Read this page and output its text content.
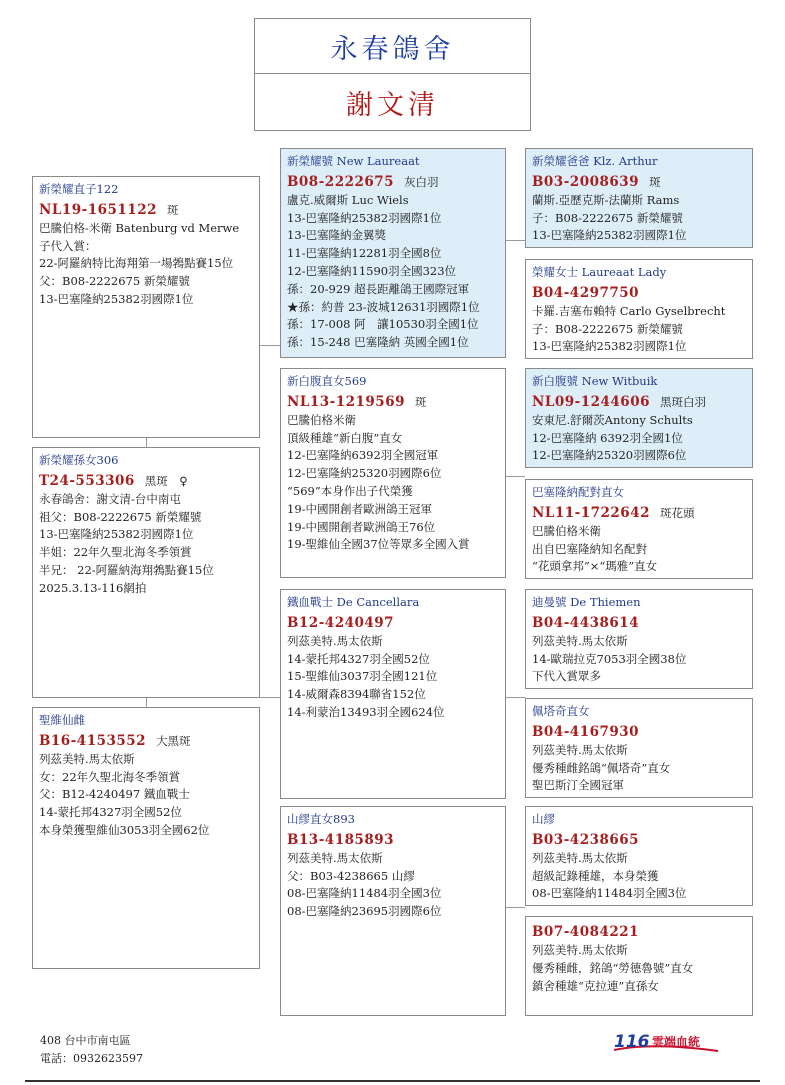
永春鴿舍
謝文清
新榮耀直子122
NL19-1651122 斑
巴騰伯格-米衛 Batenburg vd Merwe
子代入賞：
22-阿羅納特比海翔第一場鵓點賽15位
父：B08-2222675 新榮耀號
13-巴塞隆納25382羽國際1位
新榮耀孫女306
T24-553306 黑斑　♀
永春鴿舍：謝文清-台中南屯
祖父：B08-2222675 新榮耀號
13-巴塞隆納25382羽國際1位
半姐：22年久聖北海冬季領賞
半兄： 22-阿羅納海翔鵓點賽15位
2025.3.13-116網拍
聖維仙雌
B16-4153552 大黑斑
列茲美特.馬太依斯
女：22年久聖北海冬季領賞
父：B12-4240497 鐵血戰士
14-蒙托邦4327羽全國52位
本身榮獲聖維仙3053羽全國62位
新榮耀號 New Laureaat
B08-2222675 灰白羽
盧克.威爾斯 Luc Wiels
13-巴塞隆納25382羽國際1位
13-巴塞隆納金翼獎
11-巴塞隆納12281羽全國8位
12-巴塞隆納11590羽全國323位
孫：20-929 超長距離鴿王國際冠軍
★孫：約普 23-波城12631羽國際1位
孫：17-008 阿　讓10530羽全國1位
孫：15-248 巴塞隆納 英國全國1位
新白腹直女569
NL13-1219569 斑
巴騰伯格米衛
頂級種雄“新白腹”直女
12-巴塞隆納6392羽全國冠軍
12-巴塞隆納25320羽國際6位
“569”本身作出子代榮獲
19-中國開創者歐洲鴿王冠軍
19-中國開創者歐洲鴿王76位
19-聖維仙全國37位等眾多全國入賞
鐵血戰士 De Cancellara
B12-4240497
列茲美特.馬太依斯
14-蒙托邦4327羽全國52位
15-聖維仙3037羽全國121位
14-威爾森8394聯省152位
14-利蒙治13493羽全國624位
山繆直女893
B13-4185893
列茲美特.馬太依斯
父：B03-4238665 山繆
08-巴塞隆納11484羽全國3位
08-巴塞隆納23695羽國際6位
新榮耀爸爸 Klz. Arthur
B03-2008639 斑
蘭斯.亞歷克斯-法蘭斯 Rams
子：B08-2222675 新榮耀號
13-巴塞隆納25382羽國際1位
榮耀女士 Laureaat Lady
B04-4297750
卡羅.吉塞布賴特 Carlo Gyselbrecht
子：B08-2222675 新榮耀號
13-巴塞隆納25382羽國際1位
新白腹號 New Witbuik
NL09-1244606 黑斑白羽
安東尼.舒爾茨Antony Schults
12-巴塞隆納 6392羽全國1位
12-巴塞隆納25320羽國際6位
巴塞隆納配對直女
NL11-1722642 斑花頭
巴騰伯格米衛
出自巴塞隆納知名配對
“花頭拿邦”×“瑪雅”直女
迪曼號 De Thiemen
B04-4438614
列茲美特.馬太依斯
14-歐瑞拉克7053羽全國38位
下代入賞眾多
佩塔奇直女
B04-4167930
列茲美特.馬太依斯
優秀種雌銘鴿“佩塔奇”直女
聖巴斯汀全國冠軍
山繆
B03-4238665
列茲美特.馬太依斯
超級記錄種雄，本身榮獲
08-巴塞隆納11484羽全國3位
B07-4084221
列茲美特.馬太依斯
優秀種雌，銘鴿“勞德魯號”直女
鎮舍種雄“克拉連”直孫女
408 台中市南屯區
電話：0932623597
116 雲端血統
